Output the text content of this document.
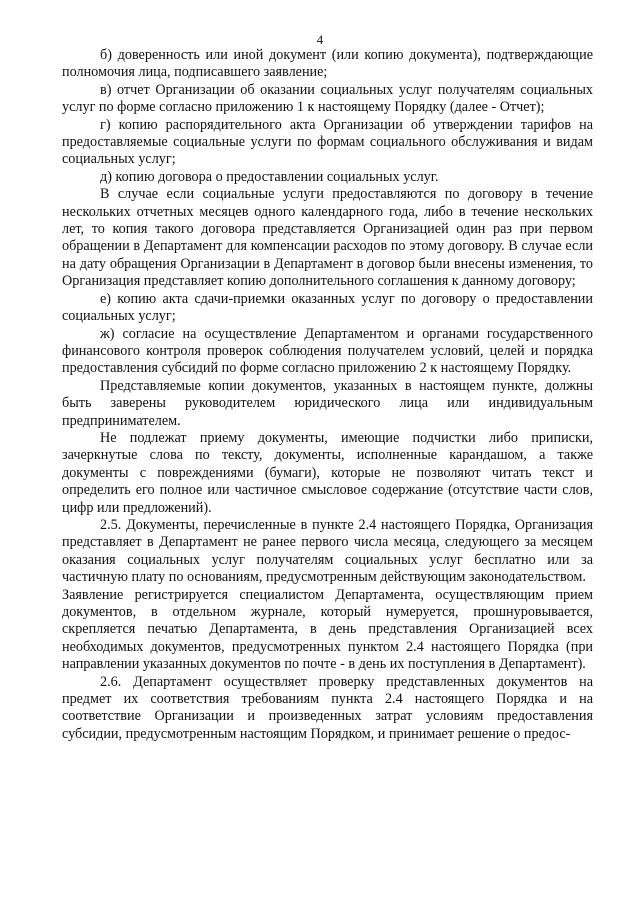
4

б) доверенность или иной документ (или копию документа), подтверждающие полномочия лица, подписавшего заявление;

в) отчет Организации об оказании социальных услуг получателям социальных услуг по форме согласно приложению 1 к настоящему Порядку (далее - Отчет);

г) копию распорядительного акта Организации об утверждении тарифов на предоставляемые социальные услуги по формам социального обслуживания и видам социальных услуг;

д) копию договора о предоставлении социальных услуг.

В случае если социальные услуги предоставляются по договору в течение нескольких отчетных месяцев одного календарного года, либо в течение нескольких лет, то копия такого договора представляется Организацией один раз при первом обращении в Департамент для компенсации расходов по этому договору. В случае если на дату обращения Организации в Департамент в договор были внесены изменения, то Организация представляет копию дополнительного соглашения к данному договору;

е) копию акта сдачи-приемки оказанных услуг по договору о предоставлении социальных услуг;

ж) согласие на осуществление Департаментом и органами государственного финансового контроля проверок соблюдения получателем условий, целей и порядка предоставления субсидий по форме согласно приложению 2 к настоящему Порядку.

Представляемые копии документов, указанных в настоящем пункте, должны быть заверены руководителем юридического лица или индивидуальным предпринимателем.

Не подлежат приему документы, имеющие подчистки либо приписки, зачеркнутые слова по тексту, документы, исполненные карандашом, а также документы с повреждениями (бумаги), которые не позволяют читать текст и определить его полное или частичное смысловое содержание (отсутствие части слов, цифр или предложений).

2.5. Документы, перечисленные в пункте 2.4 настоящего Порядка, Организация представляет в Департамент не ранее первого числа месяца, следующего за месяцем оказания социальных услуг получателям социальных услуг бесплатно или за частичную плату по основаниям, предусмотренным действующим законодательством.

Заявление регистрируется специалистом Департамента, осуществляющим прием документов, в отдельном журнале, который нумеруется, прошнуровывается, скрепляется печатью Департамента, в день представления Организацией всех необходимых документов, предусмотренных пунктом 2.4 настоящего Порядка (при направлении указанных документов по почте - в день их поступления в Департамент).

2.6. Департамент осуществляет проверку представленных документов на предмет их соответствия требованиям пункта 2.4 настоящего Порядка и на соответствие Организации и произведенных затрат условиям предоставления субсидии, предусмотренным настоящим Порядком, и принимает решение о предос-
